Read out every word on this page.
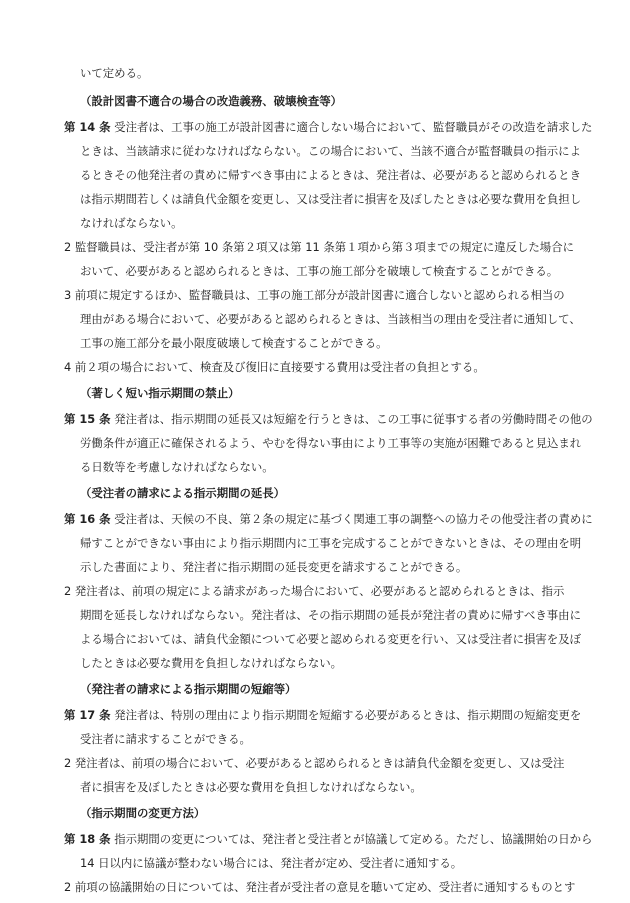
いて定める。
（設計図書不適合の場合の改造義務、破壊検査等）
第 14 条 受注者は、工事の施工が設計図書に適合しない場合において、監督職員がその改造を請求した
ときは、当該請求に従わなければならない。この場合において、当該不適合が監督職員の指示によ
るときその他発注者の責めに帰すべき事由によるときは、発注者は、必要があると認められるとき
は指示期間若しくは請負代金額を変更し、又は受注者に損害を及ぼしたときは必要な費用を負担し
なければならない。
2 監督職員は、受注者が第 10 条第２項又は第 11 条第１項から第３項までの規定に違反した場合に
おいて、必要があると認められるときは、工事の施工部分を破壊して検査することができる。
3 前項に規定するほか、監督職員は、工事の施工部分が設計図書に適合しないと認められる相当の
理由がある場合において、必要があると認められるときは、当該相当の理由を受注者に通知して、
工事の施工部分を最小限度破壊して検査することができる。
4 前２項の場合において、検査及び復旧に直接要する費用は受注者の負担とする。
（著しく短い指示期間の禁止）
第 15 条 発注者は、指示期間の延長又は短縮を行うときは、この工事に従事する者の労働時間その他の
労働条件が適正に確保されるよう、やむを得ない事由により工事等の実施が困難であると見込まれ
る日数等を考慮しなければならない。
（受注者の請求による指示期間の延長）
第 16 条 受注者は、天候の不良、第２条の規定に基づく関連工事の調整への協力その他受注者の責めに
帰すことができない事由により指示期間内に工事を完成することができないときは、その理由を明
示した書面により、発注者に指示期間の延長変更を請求することができる。
2 発注者は、前項の規定による請求があった場合において、必要があると認められるときは、指示
期間を延長しなければならない。発注者は、その指示期間の延長が発注者の責めに帰すべき事由に
よる場合においては、請負代金額について必要と認められる変更を行い、又は受注者に損害を及ぼ
したときは必要な費用を負担しなければならない。
（発注者の請求による指示期間の短縮等）
第 17 条 発注者は、特別の理由により指示期間を短縮する必要があるときは、指示期間の短縮変更を
受注者に請求することができる。
2 発注者は、前項の場合において、必要があると認められるときは請負代金額を変更し、又は受注
者に損害を及ぼしたときは必要な費用を負担しなければならない。
（指示期間の変更方法）
第 18 条 指示期間の変更については、発注者と受注者とが協議して定める。ただし、協議開始の日から
14 日以内に協議が整わない場合には、発注者が定め、受注者に通知する。
2 前項の協議開始の日については、発注者が受注者の意見を聴いて定め、受注者に通知するものとす
